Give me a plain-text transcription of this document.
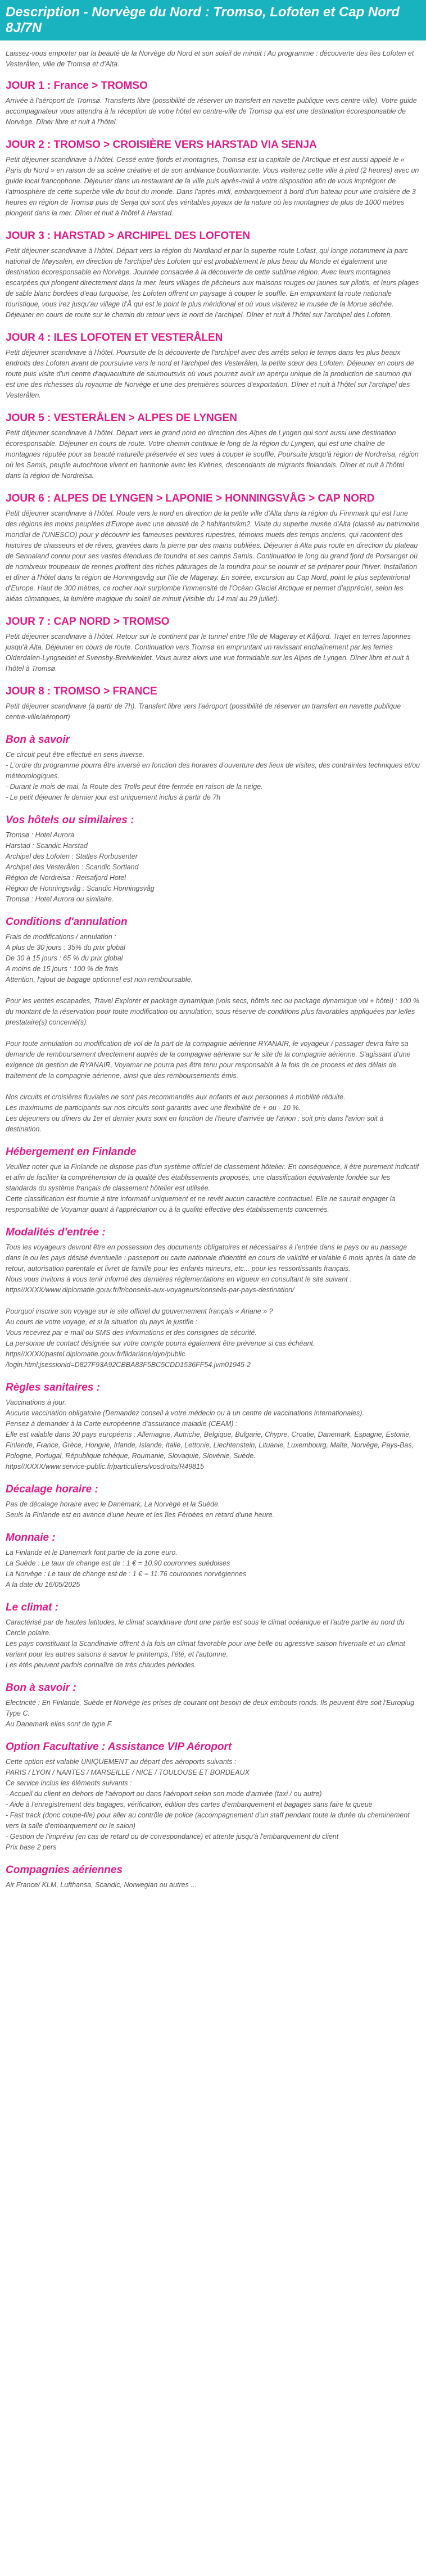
Description - Norvège du Nord : Tromso, Lofoten et Cap Nord 8J/7N
Laissez-vous emporter par la beauté de la Norvège du Nord et son soleil de minuit ! Au programme : découverte des îles Lofoten et Vesterålen, ville de Tromsø et d'Alta.
JOUR 1 : France > TROMSO

Arrivée à l'aéroport de Tromsø. Transferts libre (possibilité de réserver un transfert en navette publique vers centre-ville). Votre guide accompagnateur vous attendra à la réception de votre hôtel en centre-ville de Tromsø qui est une destination écoresponsable de Norvège. Dîner libre et nuit à l'hôtel.

JOUR 2 : TROMSO > CROISIÈRE VERS HARSTAD VIA SENJA

Petit déjeuner scandinave à l'hôtel. Cessé entre fjords et montagnes, Tromsø est la capitale de l'Arctique et est aussi appelé le « Paris du Nord » en raison de sa scène créative et de son ambiance bouillonnante. Vous visiterez cette ville à pied (2 heures) avec un guide local francophone. Déjeuner dans un restaurant de la ville puis après-midi à votre disposition afin de vous imprégner de l'atmosphère de cette superbe ville du bout du monde. Dans l'après-midi, embarquement à bord d'un bateau pour une croisière de 3 heures en région de Tromsø puis de Senja qui sont des véritables joyaux de la nature où les montagnes de plus de 1000 mètres plongent dans la mer. Dîner et nuit à l'hôtel à Harstad.

JOUR 3 : HARSTAD > ARCHIPEL DES LOFOTEN

Petit déjeuner scandinave à l'hôtel. Départ vers la région du Nordland et par la superbe route Lofast, qui longe notamment la parc national de Møysalen, en direction de l'archipel des Lofoten qui est probablement le plus beau du Monde et également une destination écoresponsable en Norvège. Journée consacrée à la découverte de cette sublime région. Avec leurs montagnes escarpées qui plongent directement dans la mer, leurs villages de pêcheurs aux maisons rouges ou jaunes sur pilotis, et leurs plages de sable blanc bordées d'eau turquoise, les Lofoten offrent un paysage à couper le souffle. En empruntant la route nationale touristique, vous irez jusqu'au village d'Å qui est le point le plus méridional et où vous visiterez le musée de la Morue séchée. Déjeuner en cours de route sur le chemin du retour vers le nord de l'archipel. Dîner et nuit à l'hôtel sur l'archipel des Lofoten.

JOUR 4 : ILES LOFOTEN ET VESTERÅLEN

Petit déjeuner scandinave à l'hôtel. Poursuite de la découverte de l'archipel avec des arrêts selon le temps dans les plus beaux endroits des Lofoten avant de poursuivre vers le nord et l'archipel des Vesterålen, la petite sœur des Lofoten. Déjeuner en cours de route puis visite d'un centre d'aquaculture de saumoutsvis où vous pourrez avoir un aperçu unique de la production de saumon qui est une des richesses du royaume de Norvège et une des premières sources d'exportation. Dîner et nuit à l'hôtel sur l'archipel des Vesterålen.

JOUR 5 : VESTERÅLEN > ALPES DE LYNGEN

Petit déjeuner scandinave à l'hôtel. Départ vers le grand nord en direction des Alpes de Lyngen qui sont aussi une destination écoresponsable. Déjeuner en cours de route. Votre chemin continue le long de la région du Lyngen, qui est une chaîne de montagnes réputée pour sa beauté naturelle préservée et ses vues à couper le souffle. Poursuite jusqu'à région de Nordreisa, région où les Samis, peuple autochtone vivent en harmonie avec les Kvènes, descendants de migrants finlandais. Dîner et nuit à l'hôtel dans la région de Nordreisa.

JOUR 6 : ALPES DE LYNGEN > LAPONIE > HONNINGSVÅG > CAP NORD

Petit déjeuner scandinave à l'hôtel. Route vers le nord en direction de la petite ville d'Alta dans la région du Finnmark qui est l'une des régions les moins peuplées d'Europe avec une densité de 2 habitants/km2. Visite du superbe musée d'Alta (classé au patrimoine mondial de l'UNESCO) pour y découvrir les fameuses peintures rupestres, témoins muets des temps anciens, qui racontent des histoires de chasseurs et de rêves, gravées dans la pierre par des mains oubliées. Déjeuner à Alta puis route en direction du plateau de Sennaland connu pour ses vastes étendues de toundra et ses camps Samis. Continuation le long du grand fjord de Porsanger où de nombreux troupeaux de rennes profitent des riches pâturages de la toundra pour se nourrir et se préparer pour l'hiver. Installation et dîner à l'hôtel dans la région de Honningsvåg sur l'île de Magerøy. En soirée, excursion au Cap Nord, point le plus septentrional d'Europe. Haut de 300 mètres, ce rocher noir surplombe l'immensité de l'Océan Glacial Arctique et permet d'apprécier, selon les aléas climatiques, la lumière magique du soleil de minuit (visible du 14 mai au 29 juillet).

JOUR 7 : CAP NORD > TROMSO

Petit déjeuner scandinave à l'hôtel. Retour sur le continent par le tunnel entre l'île de Magerøy et Kåfjord. Trajet en terres laponnes jusqu'à Alta. Déjeuner en cours de route. Continuation vers Tromsø en empruntant un ravissant enchaînement par les ferries Olderdalen-Lyngseidet et Svensby-Breivikeidet. Vous aurez alors une vue formidable sur les Alpes de Lyngen. Dîner libre et nuit à l'hôtel à Tromsø.

JOUR 8 : TROMSO > FRANCE

Petit déjeuner scandinave (à partir de 7h). Transfert libre vers l'aéroport (possibilité de réserver un transfert en navette publique centre-ville/aéroport)

Bon à savoir
Ce circuit peut être effectué en sens inverse.
- L'ordre du programme pourra être inversé en fonction des horaires d'ouverture des lieux de visites, des contraintes techniques et/ou météorologiques.
- Durant le mois de mai, la Route des Trolls peut être fermée en raison de la neige.
- Le petit déjeuner le dernier jour est uniquement inclus à partir de 7h
Vos hôtels ou similaires :
Tromsø : Hotel Aurora
Harstad : Scandic Harstad
Archipel des Lofoten : Statles Rorbusenter
Archipel des Vesterålen : Scandic Sortland
Région de Nordreisa : Reisafjord Hotel
Région de Honningsvåg : Scandic Honningsvåg
Tromsø : Hotel Aurora ou similaire.
Conditions d'annulation
Frais de modifications / annulation :
A plus de 30 jours : 35% du prix global
De 30 à 15 jours : 65 % du prix global
A moins de 15 jours : 100 % de frais
Attention, l'ajout de bagage optionnel est non remboursable.
Pour les ventes escapades, Travel Explorer et package dynamique (vols secs, hôtels sec ou package dynamique vol + hôtel) : 100 % du montant de la réservation pour toute modification ou annulation, sous réserve de conditions plus favorables appliquées par le/les prestataire(s) concerné(s).
Pour toute annulation ou modification de vol de la part de la compagnie aérienne RYANAIR, le voyageur / passager devra faire sa demande de remboursement directement auprès de la compagnie aérienne sur le site de la compagnie aérienne. S'agissant d'une exigence de gestion de RYANAIR, Voyamar ne pourra pas être tenu pour responsable à la fois de ce process et des délais de traitement de la compagnie aérienne, ainsi que des remboursements émis.
Nos circuits et croisières fluviales ne sont pas recommandés aux enfants et aux personnes à mobilité réduite.
Les maximums de participants sur nos circuits sont garantis avec une flexibilité de + ou - 10 %.
Les déjeuners ou dîners du 1er et dernier jours sont en fonction de l'heure d'arrivée de l'avion : soit pris dans l'avion soit à destination.
Hébergement en Finlande
Veuillez noter que la Finlande ne dispose pas d'un système officiel de classement hôtelier. En conséquence, il être purement indicatif et afin de faciliter la compréhension de la qualité des établissements proposés, une classification équivalente fondée sur les standards du système français de classement hôtelier est utilisée.
Cette classification est fournie à titre informatif uniquement et ne revêt aucun caractère contractuel. Elle ne saurait engager la responsabilité de Voyamar quant à l'appréciation ou à la qualité effective des établissements concernés.
Modalités d'entrée :
Tous les voyageurs devront être en possession des documents obligatoires et nécessaires à l'entrée dans le pays ou au passage dans le ou les pays désisé éventuelle : passeport ou carte nationale d'identité en cours de validité et valable 6 mois après la date de retour, autorisation parentale et livret de famille pour les enfants mineurs, etc... pour les ressortissants français.
Nous vous invitons à vous tenir informé des dernières réglementations en vigueur en consultant le site suivant : https//XXXX/www.diplomatie.gouv.fr/fr/conseils-aux-voyageurs/conseils-par-pays-destination/
Pourquoi inscrire son voyage sur le site officiel du gouvernement français « Ariane » ?
Au cours de votre voyage, et si la situation du pays le justifie :
Vous recevrez par e-mail ou SMS des informations et des consignes de sécurité.
La personne de contact désignée sur votre compte pourra également être prévenue si cas échéant.
https//XXXX/pastel.diplomatie.gouv.fr/fildariane/dyn/public
/login.html;jsessionid=D827F93A92CBBA83F5BC5CDD1536FF54.jvm01945-2
Règles sanitaires :
Vaccinations à jour.
Aucune vaccination obligatoire (Demandez conseil à votre médecin ou à un centre de vaccinations internationales).
Pensez à demander à la Carte européenne d'assurance maladie (CEAM) :
Elle est valable dans 30 pays européens : Allemagne, Autriche, Belgique, Bulgarie, Chypre, Croatie, Danemark, Espagne, Estonie, Finlande, France, Grèce, Hongrie, Irlande, Islande, Italie, Lettonie, Liechtenstein, Lituanie, Luxembourg, Malte, Norvège, Pays-Bas, Pologne, Portugal, République tchèque, Roumanie, Slovaquie, Slovénie, Suède.
https//XXXX/www.service-public.fr/particuliers/vosdroits/R49815
Décalage horaire :
Pas de décalage horaire avec le Danemark, La Norvège et la Suède.
Seuls la Finlande est en avance d'une heure et les îles Féroées en retard d'une heure.
Monnaie :
La Finlande et le Danemark font partie de la zone euro.
La Suède : Le taux de change est de : 1 € = 10.90 couronnes suédoises
La Norvège : Le taux de change est de : 1 € = 11.76 couronnes norvégiennes
A la date du 16/05/2025
Le climat :
Caractérisé par de hautes latitudes, le climat scandinave dont une partie est sous le climat océanique et l'autre partie au nord du Cercle polaire.
Les pays constituant la Scandinavie offrent à la fois un climat favorable pour une belle ou agressive saison hivernale et un climat variant pour les autres saisons à savoir le printemps, l'été, et l'automne.
Les étés peuvent parfois connaître de très chaudes périodes.
Bon à savoir :
Electricité : En Finlande, Suède et Norvège les prises de courant ont besoin de deux embouts ronds. Ils peuvent être soit l'Europlug Type C.
Au Danemark elles sont de type F.
Option Facultative : Assistance VIP Aéroport
Cette option est valable UNIQUEMENT au départ des aéroports suivants :
PARIS / LYON / NANTES / MARSEILLE / NICE / TOULOUSE ET BORDEAUX
Ce service inclus les éléments suivants :
- Accueil du client en dehors de l'aéroport ou dans l'aéroport selon son mode d'arrivée (taxi / ou autre)
- Aide à l'enregistrement des bagages, vérification, édition des cartes d'embarquement et bagages sans faire la queue
- Fast track (donc coupe-file) pour aller au contrôle de police (accompagnement d'un staff pendant toute la durée du cheminement vers la salle d'embarquement ou le salon)
- Gestion de l'imprévu (en cas de retard ou de correspondance) et attente jusqu'à l'embarquement du client
Prix base 2 pers
Compagnies aériennes
Air France/ KLM, Lufthansa, Scandic, Norwegian ou autres ...
